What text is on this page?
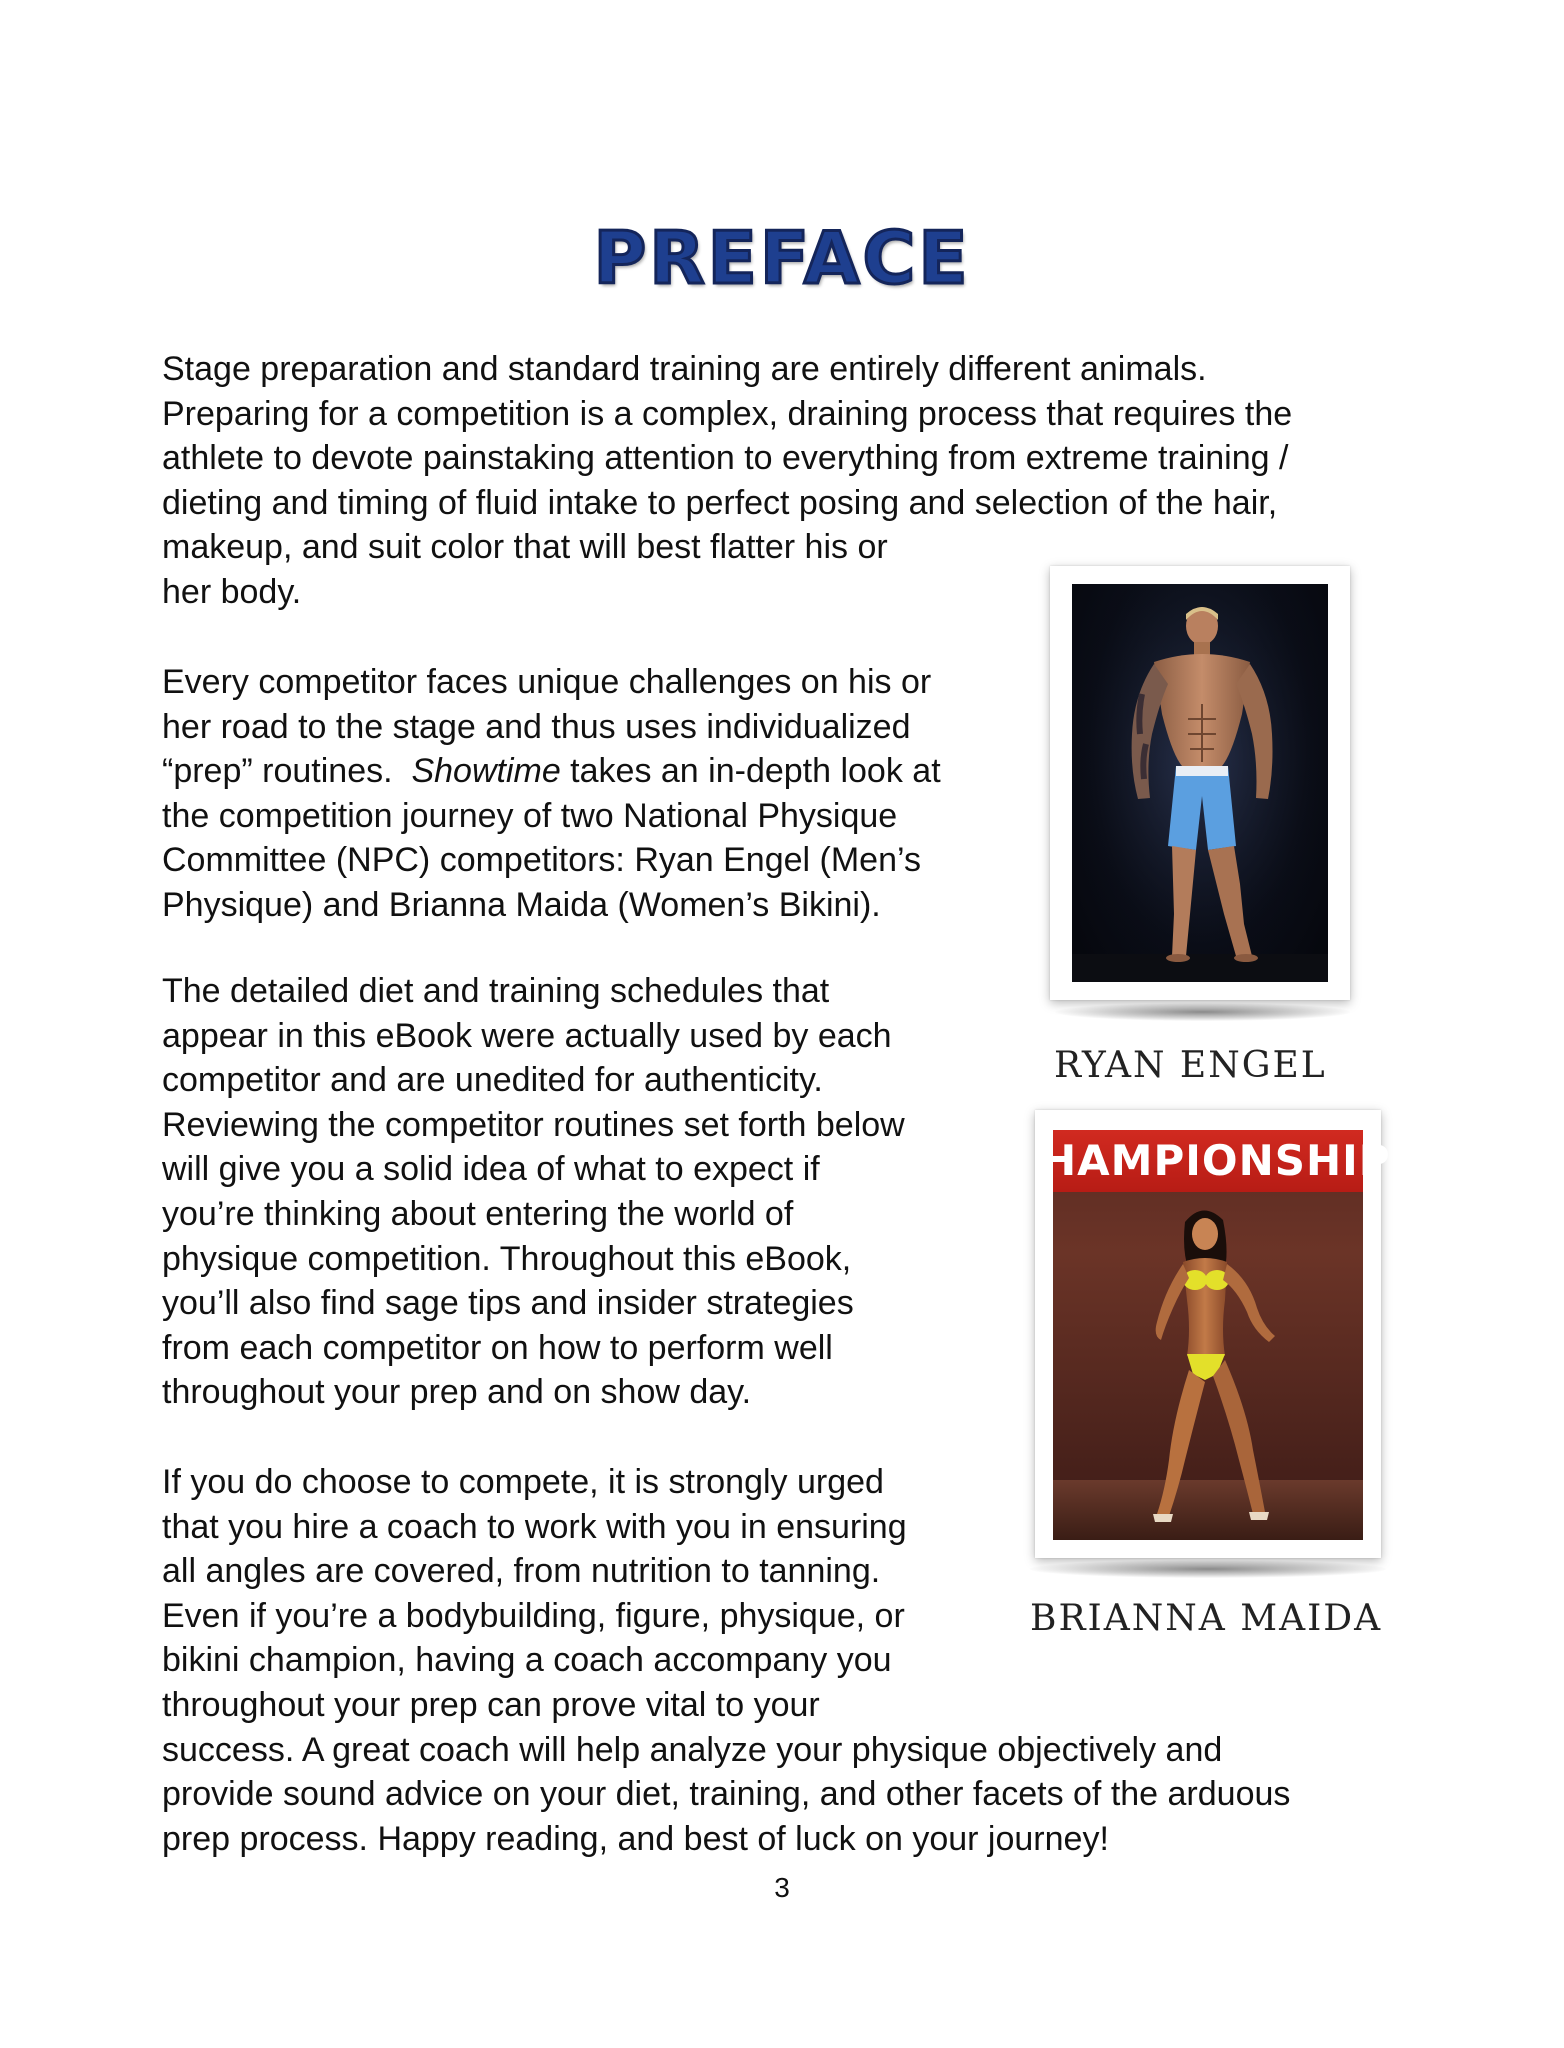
PREFACE

Stage preparation and standard training are entirely different animals.
Preparing for a competition is a complex, draining process that requires the
athlete to devote painstaking attention to everything from extreme training /
dieting and timing of fluid intake to perfect posing and selection of the hair,
makeup, and suit color that will best flatter his or
her body.

Every competitor faces unique challenges on his or
her road to the stage and thus uses individualized
“prep” routines.  Showtime takes an in-depth look at
the competition journey of two National Physique
Committee (NPC) competitors: Ryan Engel (Men’s
Physique) and Brianna Maida (Women’s Bikini).

The detailed diet and training schedules that
appear in this eBook were actually used by each
competitor and are unedited for authenticity.
Reviewing the competitor routines set forth below
will give you a solid idea of what to expect if
you’re thinking about entering the world of
physique competition. Throughout this eBook,
you’ll also find sage tips and insider strategies
from each competitor on how to perform well
throughout your prep and on show day.

If you do choose to compete, it is strongly urged
that you hire a coach to work with you in ensuring
all angles are covered, from nutrition to tanning.
Even if you’re a bodybuilding, figure, physique, or
bikini champion, having a coach accompany you
throughout your prep can prove vital to your
success. A great coach will help analyze your physique objectively and
provide sound advice on your diet, training, and other facets of the arduous
prep process. Happy reading, and best of luck on your journey!

RYAN ENGEL

HAMPIONSHIP

BRIANNA MAIDA

3
